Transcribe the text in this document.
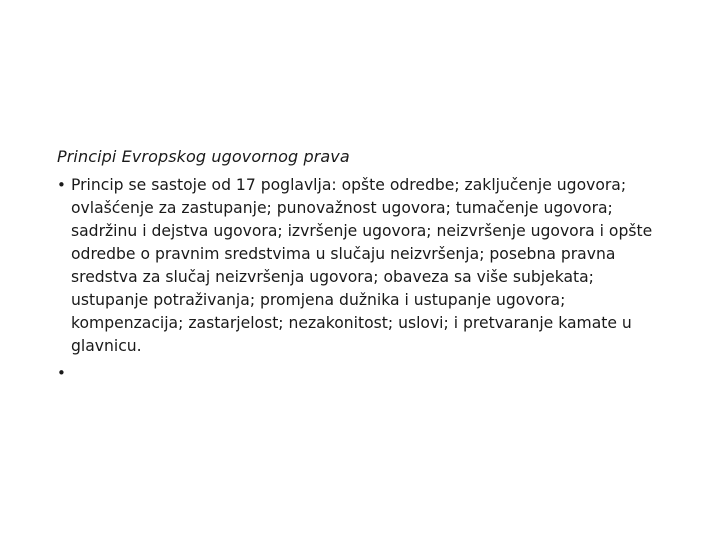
Principi Evropskog ugovornog prava
• Princip se sastoje od 17 poglavlja: opšte odredbe; zaključenje ugovora; ovlašćenje za zastupanje; punovažnost ugovora; tumačenje ugovora; sadržinu i dejstva ugovora; izvršenje ugovora; neizvršenje ugovora i opšte odredbe o pravnim sredstvima u slučaju neizvršenja; posebna pravna sredstva za slučaj neizvršenja ugovora; obaveza sa više subjekata; ustupanje potraživanja; promjena dužnika i ustupanje ugovora; kompenzacija; zastarjelost; nezakonitost; uslovi; i pretvaranje kamate u glavnicu.
•
